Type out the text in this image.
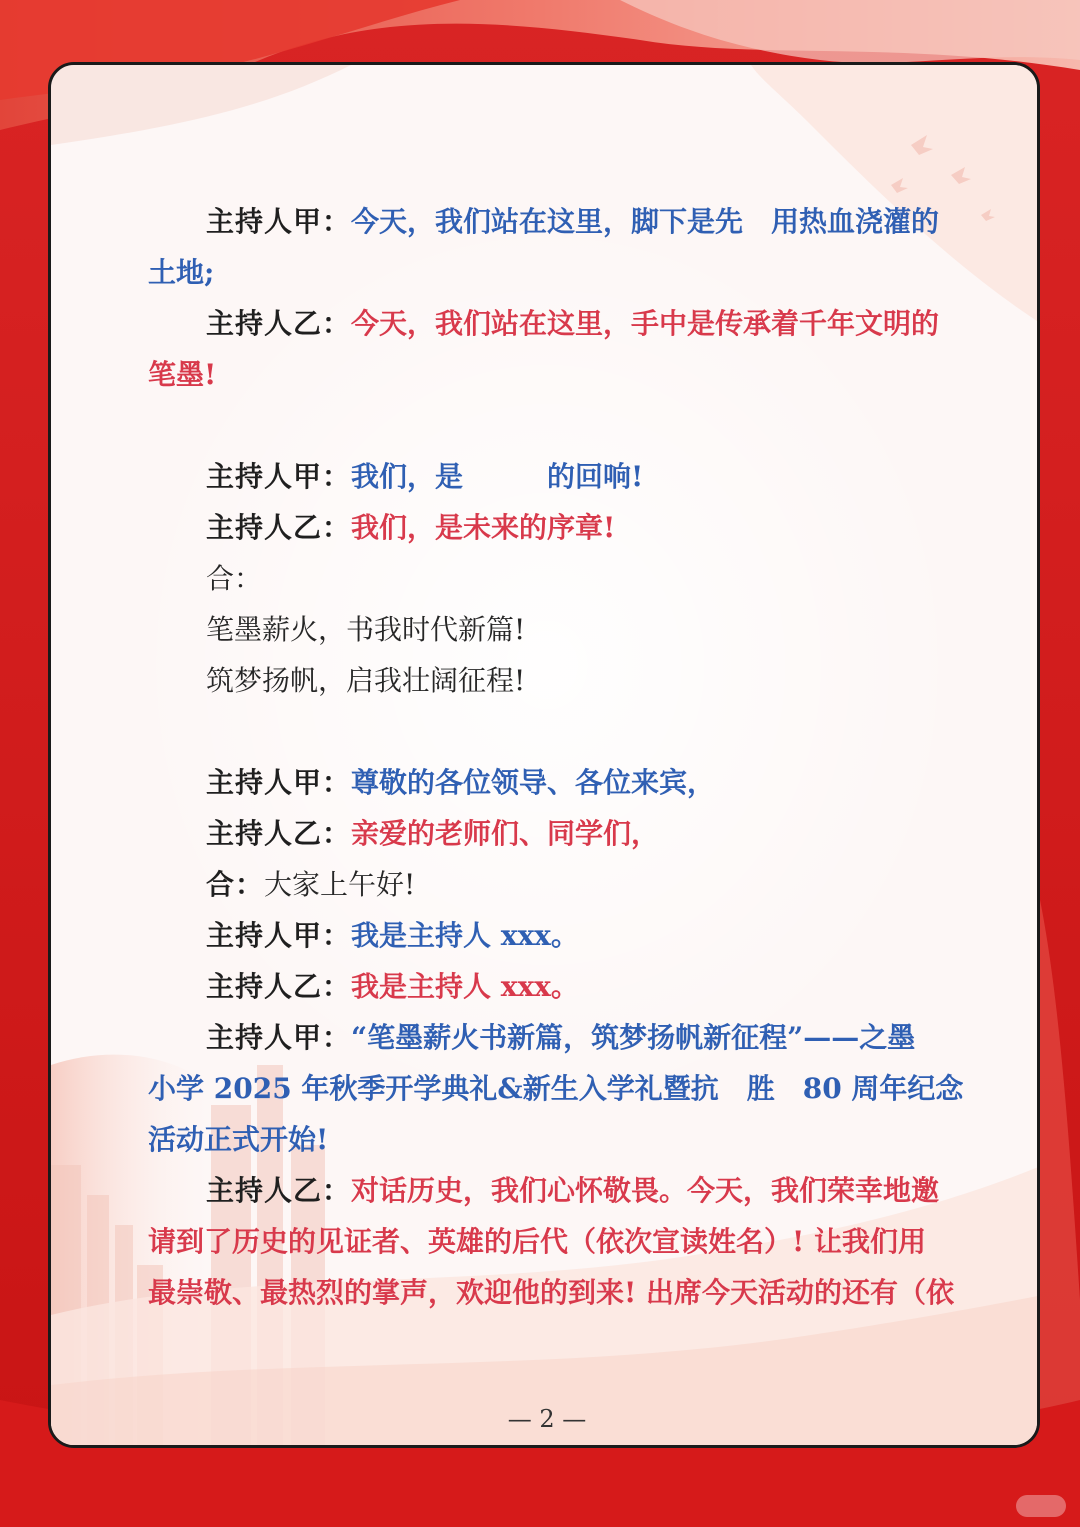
主持人甲：今天，我们站在这里，脚下是先　用热血浇灌的
土地;
主持人乙：今天，我们站在这里，手中是传承着千年文明的
笔墨!
主持人甲：我们，是　　　的回响!
主持人乙：我们，是未来的序章!
合：
笔墨薪火，书我时代新篇!
筑梦扬帆，启我壮阔征程!
主持人甲：尊敬的各位领导、各位来宾，
主持人乙：亲爱的老师们、同学们，
合：大家上午好!
主持人甲：我是主持人 xxx。
主持人乙：我是主持人 xxx。
主持人甲：“笔墨薪火书新篇，筑梦扬帆新征程”——之墨
小学 2025 年秋季开学典礼&新生入学礼暨抗　胜　80 周年纪念
活动正式开始!
主持人乙：对话历史，我们心怀敬畏。今天，我们荣幸地邀
请到了历史的见证者、英雄的后代（依次宣读姓名）! 让我们用
最崇敬、最热烈的掌声，欢迎他的到来! 出席今天活动的还有（依
— 2 —
